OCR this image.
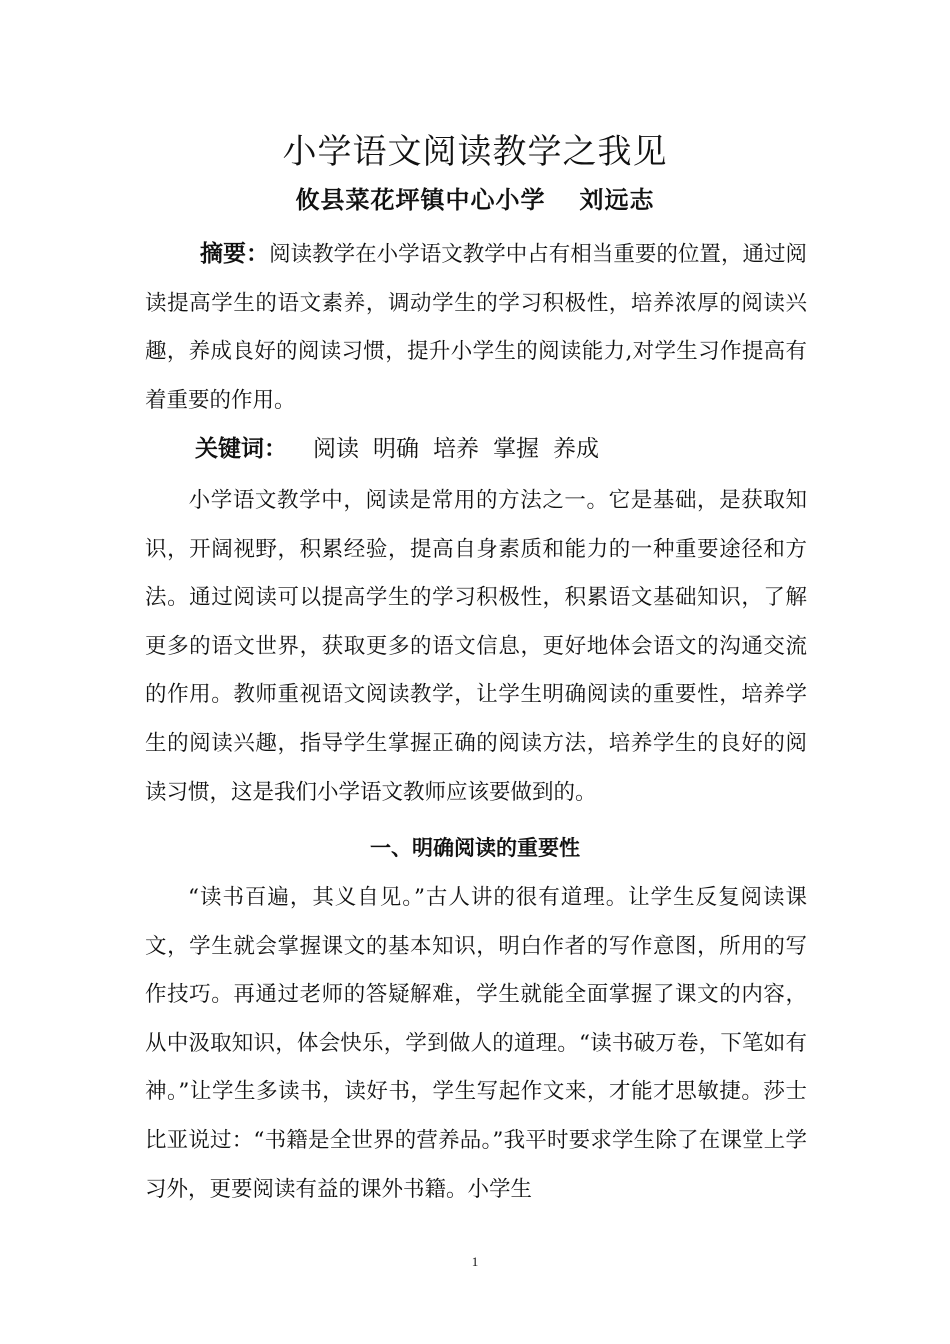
小学语文阅读教学之我见
攸县菜花坪镇中心小学 刘远志

摘要：阅读教学在小学语文教学中占有相当重要的位置，通过阅读提高学生的语文素养，调动学生的学习积极性，培养浓厚的阅读兴趣，养成良好的阅读习惯，提升小学生的阅读能力,对学生习作提高有着重要的作用。

关键词： 阅读 明确 培养 掌握 养成

小学语文教学中，阅读是常用的方法之一。它是基础，是获取知识，开阔视野，积累经验，提高自身素质和能力的一种重要途径和方法。通过阅读可以提高学生的学习积极性，积累语文基础知识，了解更多的语文世界，获取更多的语文信息，更好地体会语文的沟通交流的作用。教师重视语文阅读教学，让学生明确阅读的重要性，培养学生的阅读兴趣，指导学生掌握正确的阅读方法，培养学生的良好的阅读习惯，这是我们小学语文教师应该要做到的。

一、明确阅读的重要性

“读书百遍，其义自见。”古人讲的很有道理。让学生反复阅读课文，学生就会掌握课文的基本知识，明白作者的写作意图，所用的写作技巧。再通过老师的答疑解难，学生就能全面掌握了课文的内容，从中汲取知识，体会快乐，学到做人的道理。“读书破万卷，下笔如有神。”让学生多读书，读好书，学生写起作文来，才能才思敏捷。莎士比亚说过：“书籍是全世界的营养品。”我平时要求学生除了在课堂上学习外，更要阅读有益的课外书籍。小学生

1
